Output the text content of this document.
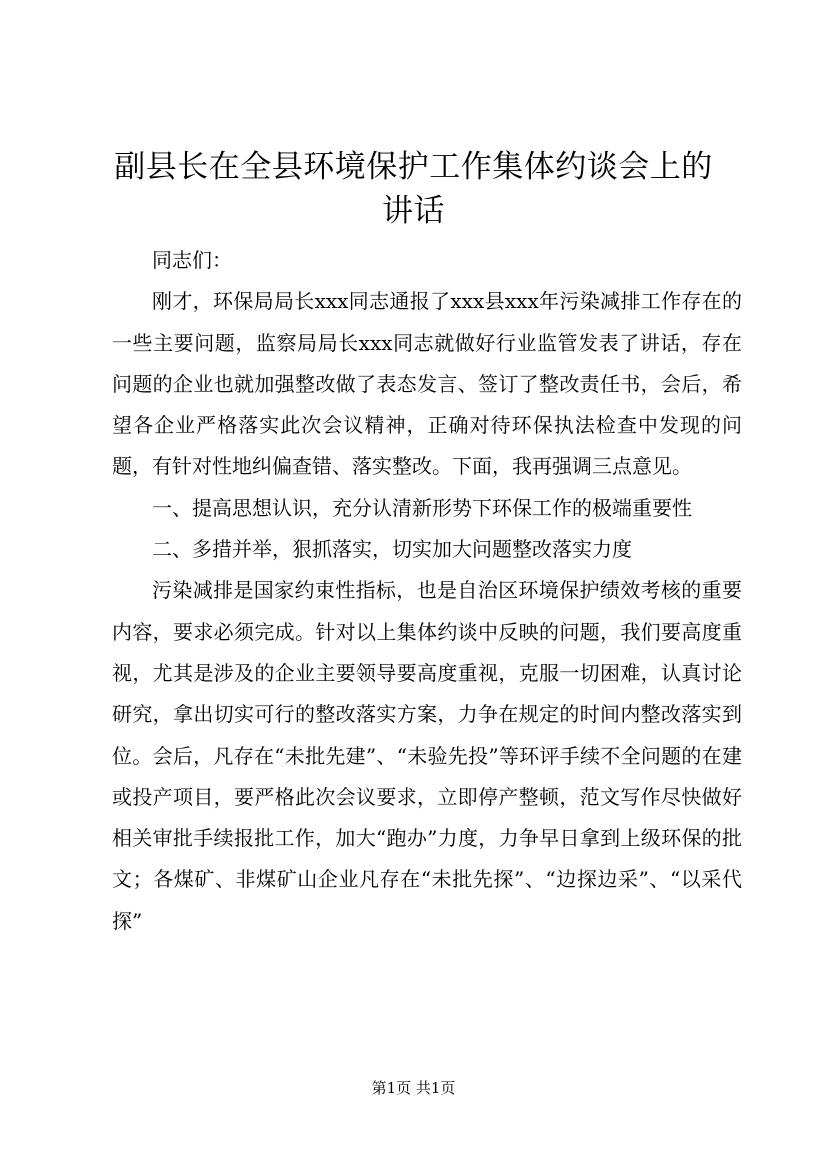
副县长在全县环境保护工作集体约谈会上的讲话

同志们：

刚才，环保局局长xxx同志通报了xxx县xxx年污染减排工作存在的一些主要问题，监察局局长xxx同志就做好行业监管发表了讲话，存在问题的企业也就加强整改做了表态发言、签订了整改责任书，会后，希望各企业严格落实此次会议精神，正确对待环保执法检查中发现的问题，有针对性地纠偏查错、落实整改。下面，我再强调三点意见。

一、提高思想认识，充分认清新形势下环保工作的极端重要性

二、多措并举，狠抓落实，切实加大问题整改落实力度

污染减排是国家约束性指标，也是自治区环境保护绩效考核的重要内容，要求必须完成。针对以上集体约谈中反映的问题，我们要高度重视，尤其是涉及的企业主要领导要高度重视，克服一切困难，认真讨论研究，拿出切实可行的整改落实方案，力争在规定的时间内整改落实到位。会后，凡存在“未批先建”、“未验先投”等环评手续不全问题的在建或投产项目，要严格此次会议要求，立即停产整顿，范文写作尽快做好相关审批手续报批工作，加大“跑办”力度，力争早日拿到上级环保的批文；各煤矿、非煤矿山企业凡存在“未批先探”、“边探边采”、“以采代探”

第1页 共1页
